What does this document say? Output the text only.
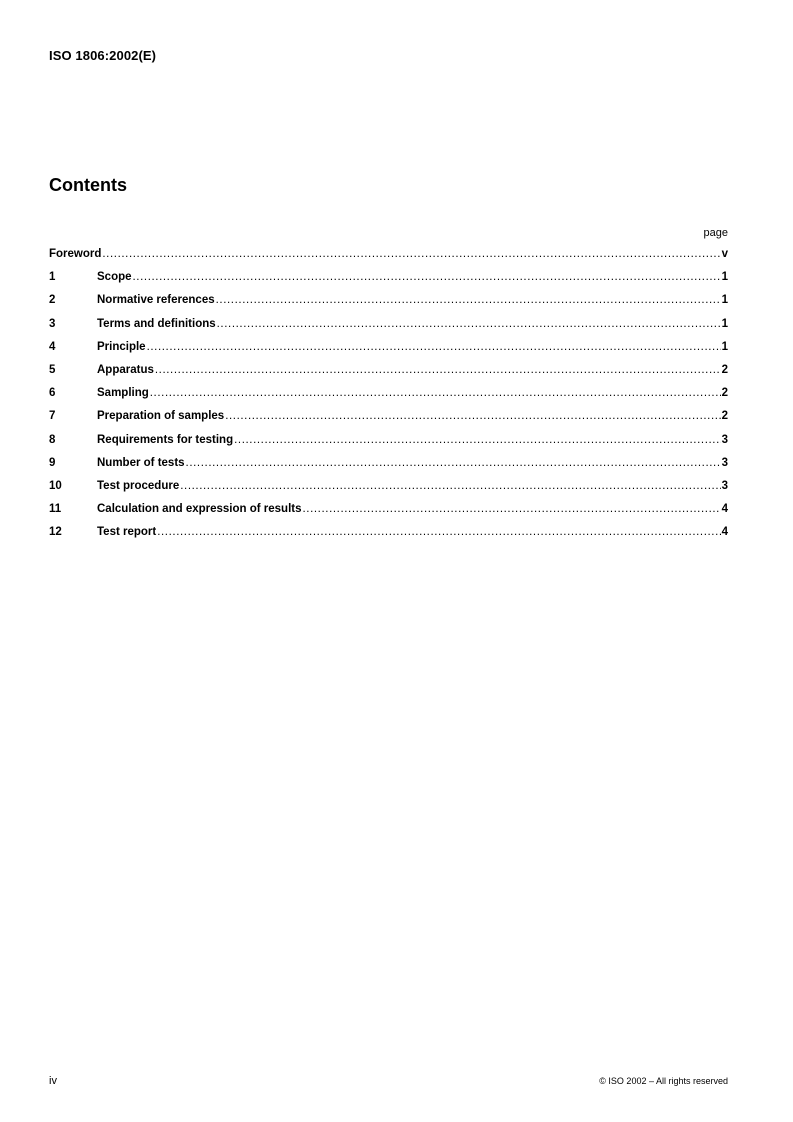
ISO 1806:2002(E)
Contents
page
Foreword .....	v
1	Scope .....	1
2	Normative references .....	1
3	Terms and definitions .....	1
4	Principle .....	1
5	Apparatus .....	2
6	Sampling .....	2
7	Preparation of samples .....	2
8	Requirements for testing .....	3
9	Number of tests .....	3
10	Test procedure .....	3
11	Calculation and expression of results .....	4
12	Test report .....	4
iv	© ISO 2002 – All rights reserved
